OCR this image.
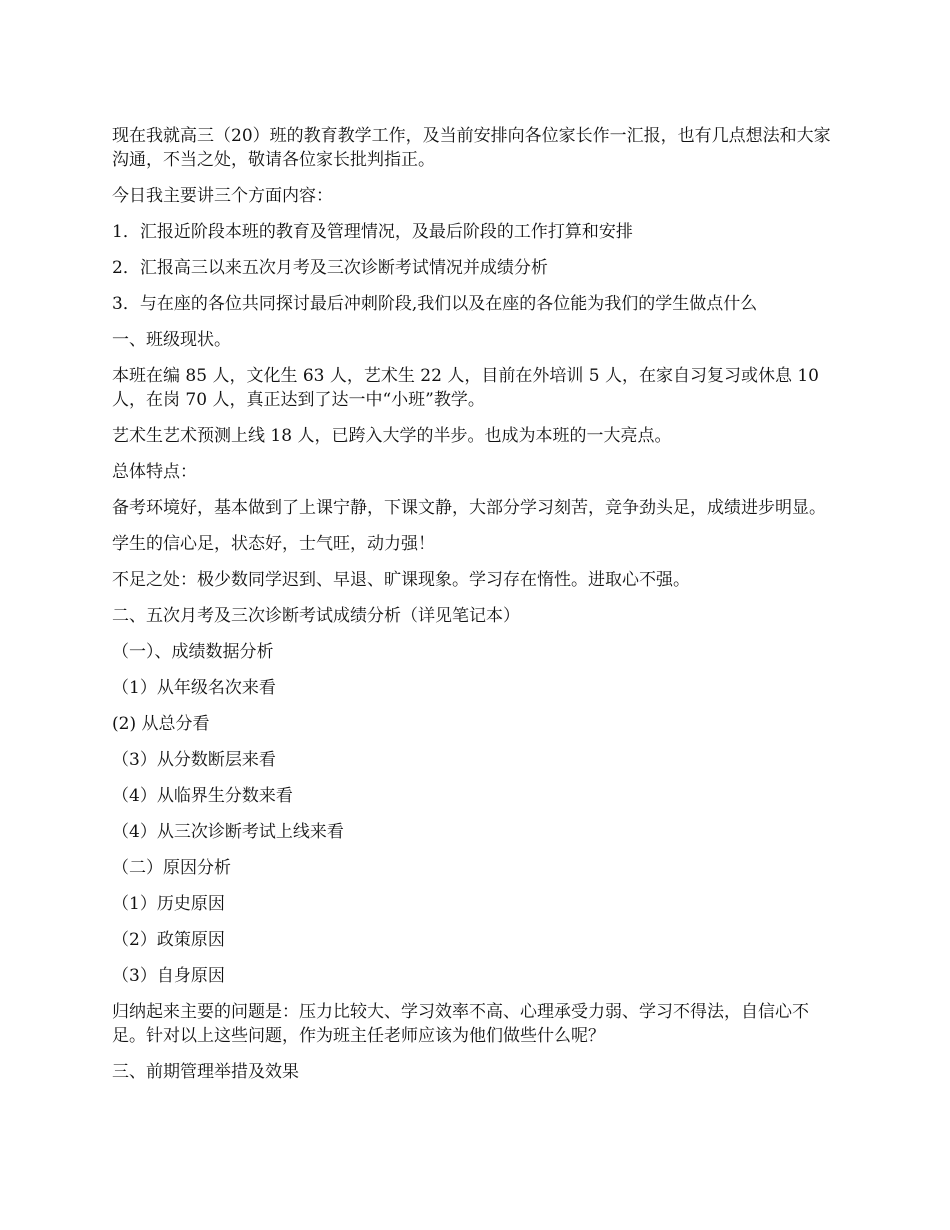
现在我就高三（20）班的教育教学工作，及当前安排向各位家长作一汇报，也有几点想法和大家沟通，不当之处，敬请各位家长批判指正。

今日我主要讲三个方面内容：

1．汇报近阶段本班的教育及管理情况，及最后阶段的工作打算和安排

2．汇报高三以来五次月考及三次诊断考试情况并成绩分析

3．与在座的各位共同探讨最后冲刺阶段,我们以及在座的各位能为我们的学生做点什么

一、班级现状。

本班在编 85 人，文化生 63 人，艺术生 22 人，目前在外培训 5 人，在家自习复习或休息 10 人，在岗 70 人，真正达到了达一中“小班”教学。

艺术生艺术预测上线 18 人，已跨入大学的半步。也成为本班的一大亮点。

总体特点：

备考环境好，基本做到了上课宁静，下课文静，大部分学习刻苦，竞争劲头足，成绩进步明显。

学生的信心足，状态好，士气旺，动力强！

不足之处：极少数同学迟到、早退、旷课现象。学习存在惰性。进取心不强。

二、五次月考及三次诊断考试成绩分析（详见笔记本）

（一）、成绩数据分析

（1）从年级名次来看

(2) 从总分看

（3）从分数断层来看

（4）从临界生分数来看

（4）从三次诊断考试上线来看

（二）原因分析

（1）历史原因

（2）政策原因

（3）自身原因

归纳起来主要的问题是：压力比较大、学习效率不高、心理承受力弱、学习不得法，自信心不足。针对以上这些问题，作为班主任老师应该为他们做些什么呢？

三、前期管理举措及效果
